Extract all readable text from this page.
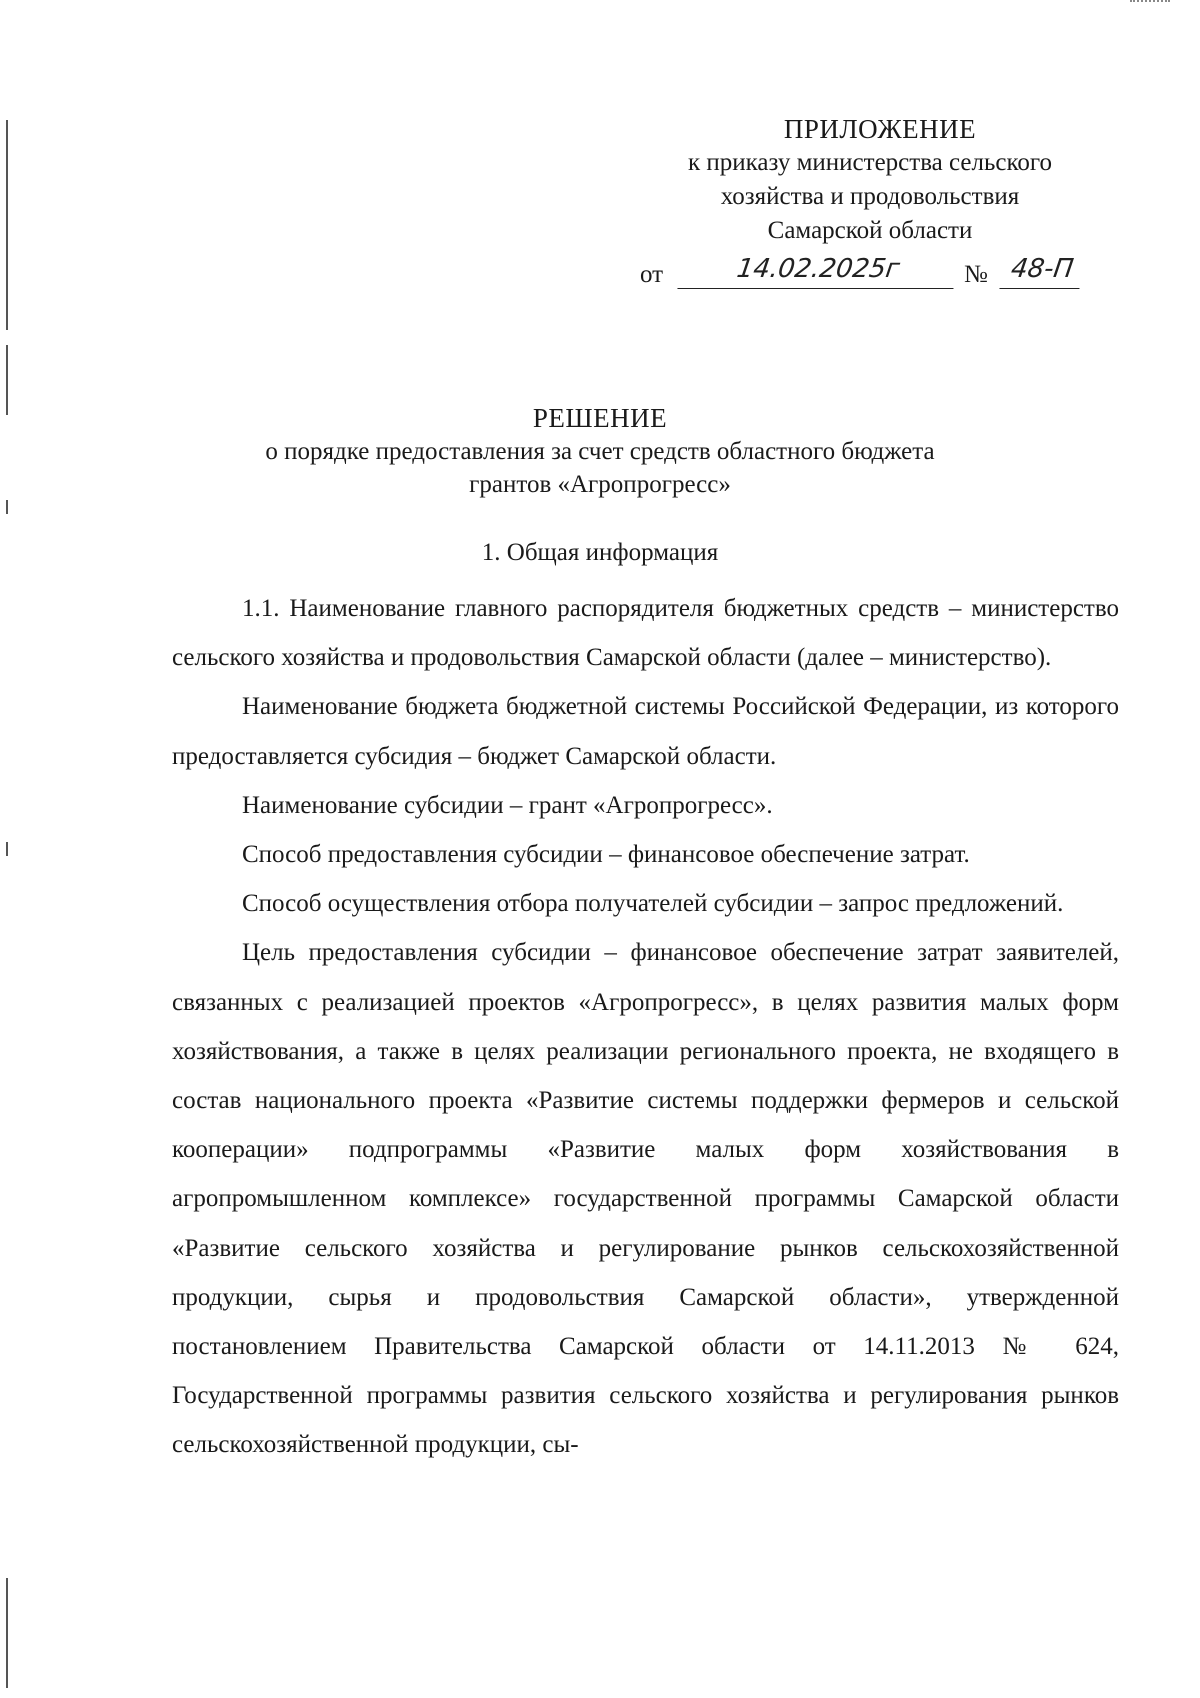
ПРИЛОЖЕНИЕ
к приказу министерства сельского
хозяйства и продовольствия
Самарской области
от	14.02.2025г	№ 48-П
РЕШЕНИЕ
о порядке предоставления за счет средств областного бюджета
грантов «Агропрогресс»
1. Общая информация

1.1. Наименование главного распорядителя бюджетных средств – министерство сельского хозяйства и продовольствия Самарской области (далее – министерство).

Наименование бюджета бюджетной системы Российской Федерации, из которого предоставляется субсидия – бюджет Самарской области.

Наименование субсидии – грант «Агропрогресс».

Способ предоставления субсидии – финансовое обеспечение затрат.

Способ осуществления отбора получателей субсидии – запрос предложений.

Цель предоставления субсидии – финансовое обеспечение затрат заявителей, связанных с реализацией проектов «Агропрогресс», в целях развития малых форм хозяйствования, а также в целях реализации регионального проекта, не входящего в состав национального проекта «Развитие системы поддержки фермеров и сельской кооперации» подпрограммы «Развитие малых форм хозяйствования в агропромышленном комплексе» государственной программы Самарской области «Развитие сельского хозяйства и регулирование рынков сельскохозяйственной продукции, сырья и продовольствия Самарской области», утвержденной постановлением Правительства Самарской области от 14.11.2013 № 624, Государственной программы развития сельского хозяйства и регулирования рынков сельскохозяйственной продукции, сы-
